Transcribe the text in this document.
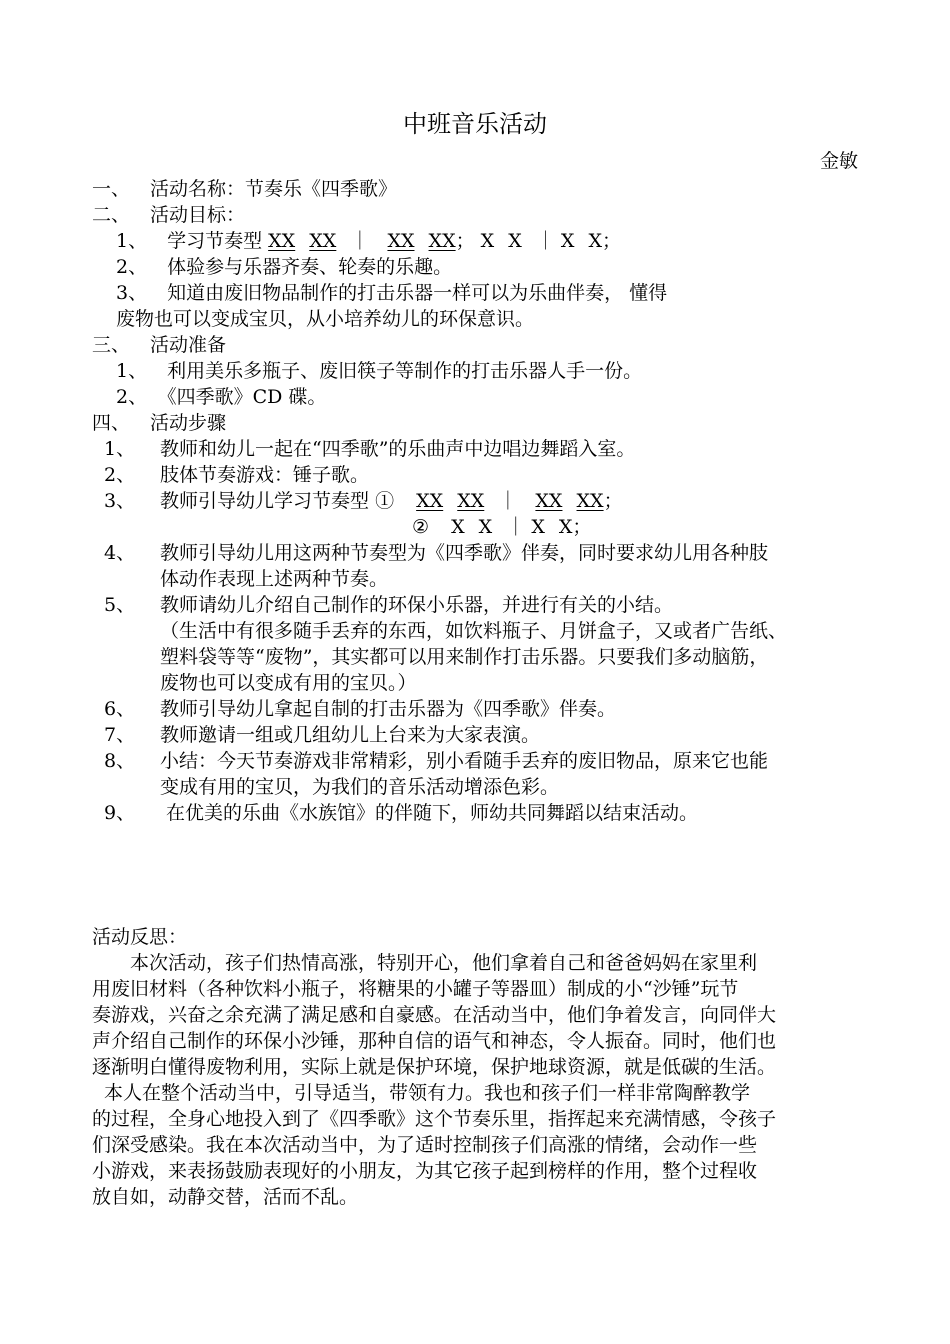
中班音乐活动
金敏
一、 活动名称：节奏乐《四季歌》
二、 活动目标：
1、 学习节奏型 XX XX ｜ XX XX； X X ｜ X X；
2、 体验参与乐器齐奏、轮奏的乐趣。
3、 知道由废旧物品制作的打击乐器一样可以为乐曲伴奏， 懂得
废物也可以变成宝贝，从小培养幼儿的环保意识。
三、 活动准备
1、 利用美乐多瓶子、废旧筷子等制作的打击乐器人手一份。
2、 《四季歌》CD 碟。
四、 活动步骤
1、 教师和幼儿一起在“四季歌”的乐曲声中边唱边舞蹈入室。
2、 肢体节奏游戏：锤子歌。
3、 教师引导幼儿学习节奏型 ① XX XX ｜ XX XX；
② X X ｜ X X；
4、 教师引导幼儿用这两种节奏型为《四季歌》伴奏，同时要求幼儿用各种肢
体动作表现上述两种节奏。
5、 教师请幼儿介绍自己制作的环保小乐器，并进行有关的小结。
（生活中有很多随手丢弃的东西，如饮料瓶子、月饼盒子，又或者广告纸、
塑料袋等等“废物”，其实都可以用来制作打击乐器。只要我们多动脑筋，
废物也可以变成有用的宝贝。）
6、 教师引导幼儿拿起自制的打击乐器为《四季歌》伴奏。
7、 教师邀请一组或几组幼儿上台来为大家表演。
8、 小结：今天节奏游戏非常精彩，别小看随手丢弃的废旧物品，原来它也能
变成有用的宝贝，为我们的音乐活动增添色彩。
9、 在优美的乐曲《水族馆》的伴随下，师幼共同舞蹈以结束活动。
活动反思：
本次活动，孩子们热情高涨，特别开心，他们拿着自己和爸爸妈妈在家里利
用废旧材料（各种饮料小瓶子，将糖果的小罐子等器皿）制成的小“沙锤”玩节
奏游戏，兴奋之余充满了满足感和自豪感。在活动当中，他们争着发言，向同伴大
声介绍自己制作的环保小沙锤，那种自信的语气和神态，令人振奋。同时，他们也
逐渐明白懂得废物利用，实际上就是保护环境，保护地球资源，就是低碳的生活。
本人在整个活动当中，引导适当，带领有力。我也和孩子们一样非常陶醉教学
的过程，全身心地投入到了《四季歌》这个节奏乐里，指挥起来充满情感，令孩子
们深受感染。我在本次活动当中，为了适时控制孩子们高涨的情绪，会动作一些
小游戏，来表扬鼓励表现好的小朋友，为其它孩子起到榜样的作用，整个过程收
放自如，动静交替，活而不乱。
